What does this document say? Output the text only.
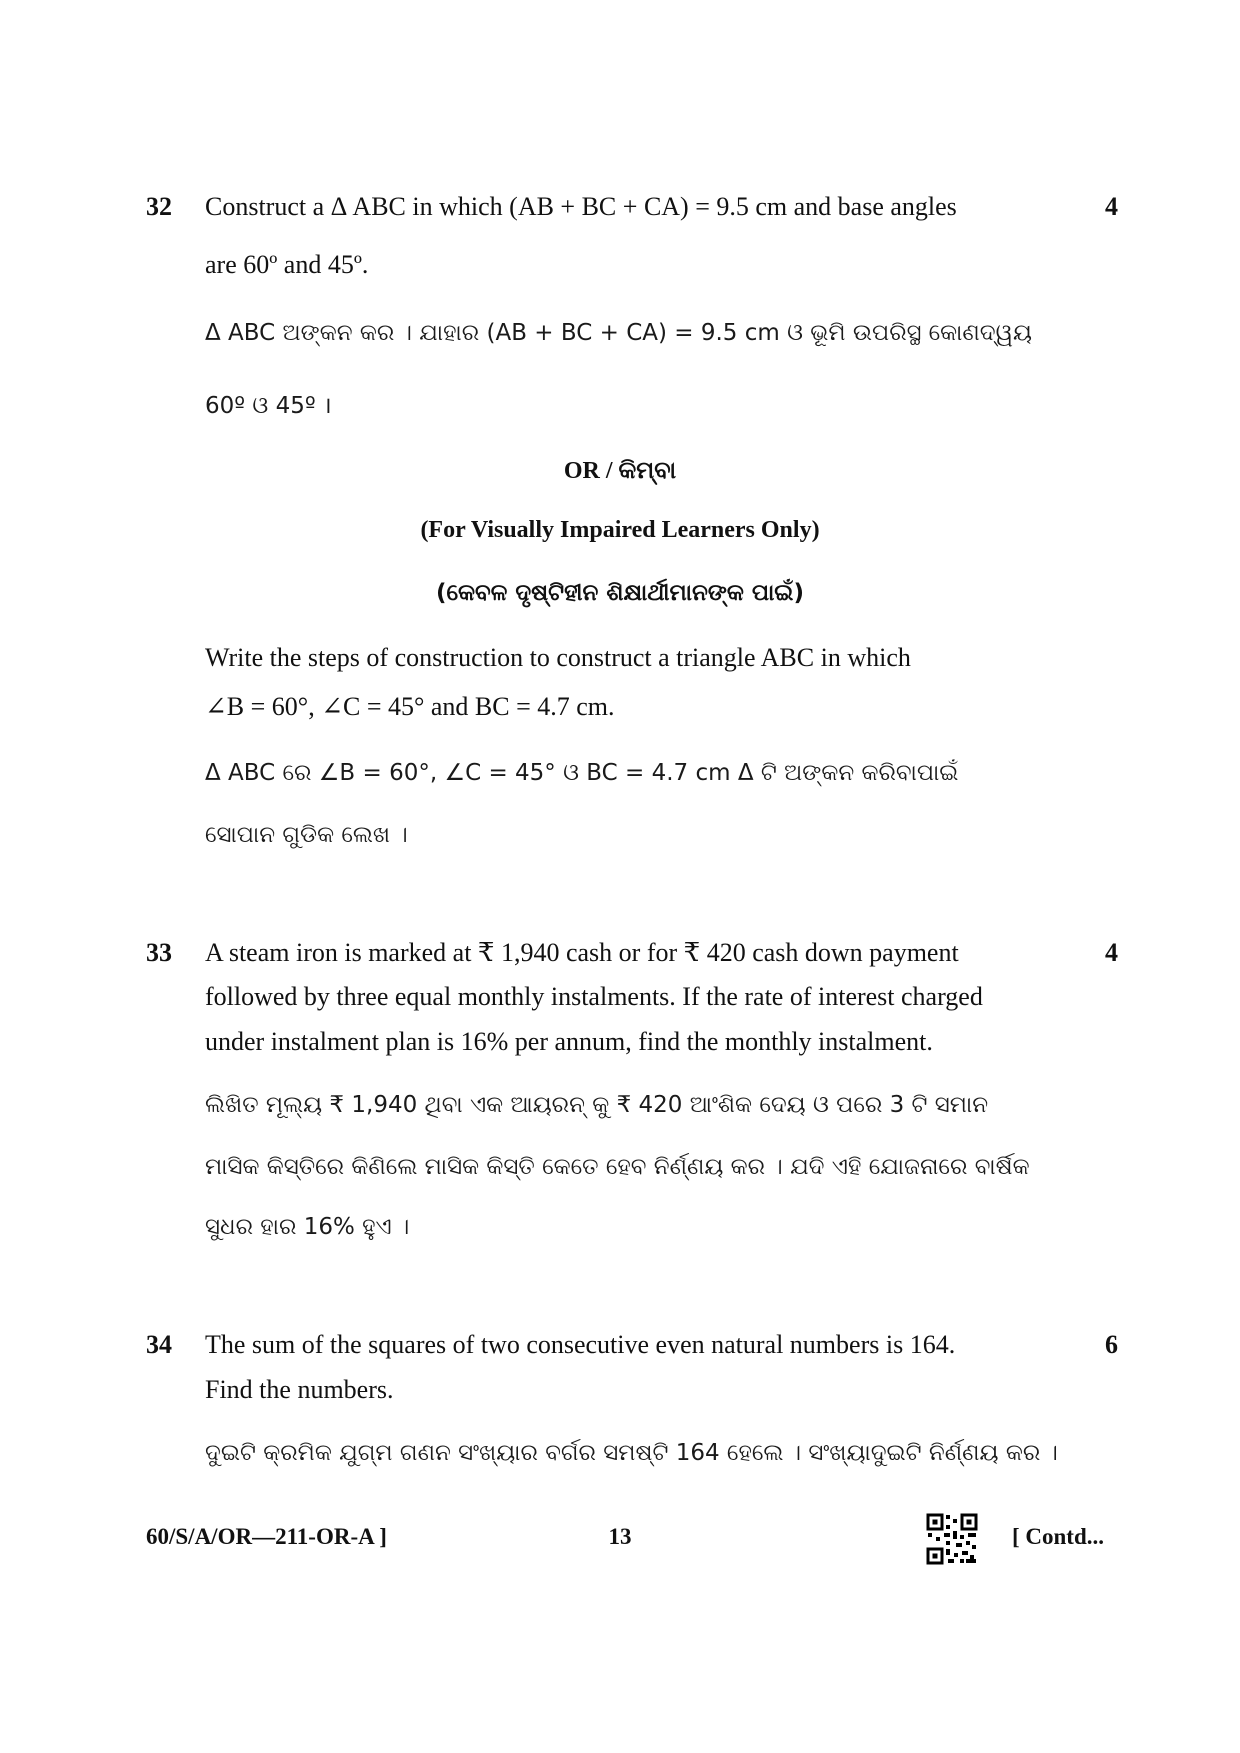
32	4
Construct a Δ ABC in which (AB + BC + CA) = 9.5 cm and base angles
are 60º and 45º.
Δ ABC ଅଙ୍କନ କର । ଯାହାର (AB + BC + CA) = 9.5 cm ଓ ଭୂମି ଉପରିସ୍ଥ କୋଣଦ୍ୱୟ
60º ଓ 45º ।
OR / କିମ୍ବା
(For Visually Impaired Learners Only)
(କେବଳ ଦୃଷ୍ଟିହୀନ ଶିକ୍ଷାର୍ଥୀମାନଙ୍କ ପାଇଁ)
Write the steps of construction to construct a triangle ABC in which
∠B = 60°, ∠C = 45° and BC = 4.7 cm.
Δ ABC ରେ ∠B = 60°, ∠C = 45° ଓ BC = 4.7 cm Δ ଟି ଅଙ୍କନ କରିବାପାଇଁ
ସୋପାନ ଗୁଡିକ ଲେଖ ।
33	4
A steam iron is marked at ₹ 1,940 cash or for ₹ 420 cash down payment
followed by three equal monthly instalments. If the rate of interest charged
under instalment plan is 16% per annum, find the monthly instalment.
ଲିଖିତ ମୂଲ୍ୟ ₹ 1,940 ଥିବା ଏକ ଆୟରନ୍ କୁ ₹ 420 ଆଂଶିକ ଦେୟ ଓ ପରେ 3 ଟି ସମାନ
ମାସିକ କିସ୍ତିରେ କିଣିଲେ ମାସିକ କିସ୍ତି କେତେ ହେବ ନିର୍ଣ୍ଣୟ କର । ଯଦି ଏହି ଯୋଜନାରେ ବାର୍ଷିକ
ସୁଧର ହାର 16% ହୁଏ ।
34	6
The sum of the squares of two consecutive even natural numbers is 164.
Find the numbers.
ଦୁଇଟି କ୍ରମିକ ଯୁଗ୍ମ ଗଣନ ସଂଖ୍ୟାର ବର୍ଗର ସମଷ୍ଟି 164 ହେଲେ । ସଂଖ୍ୟାଦୁଇଟି ନିର୍ଣ୍ଣୟ କର ।
60/S/A/OR—211-OR-A ]	13	[ Contd...
